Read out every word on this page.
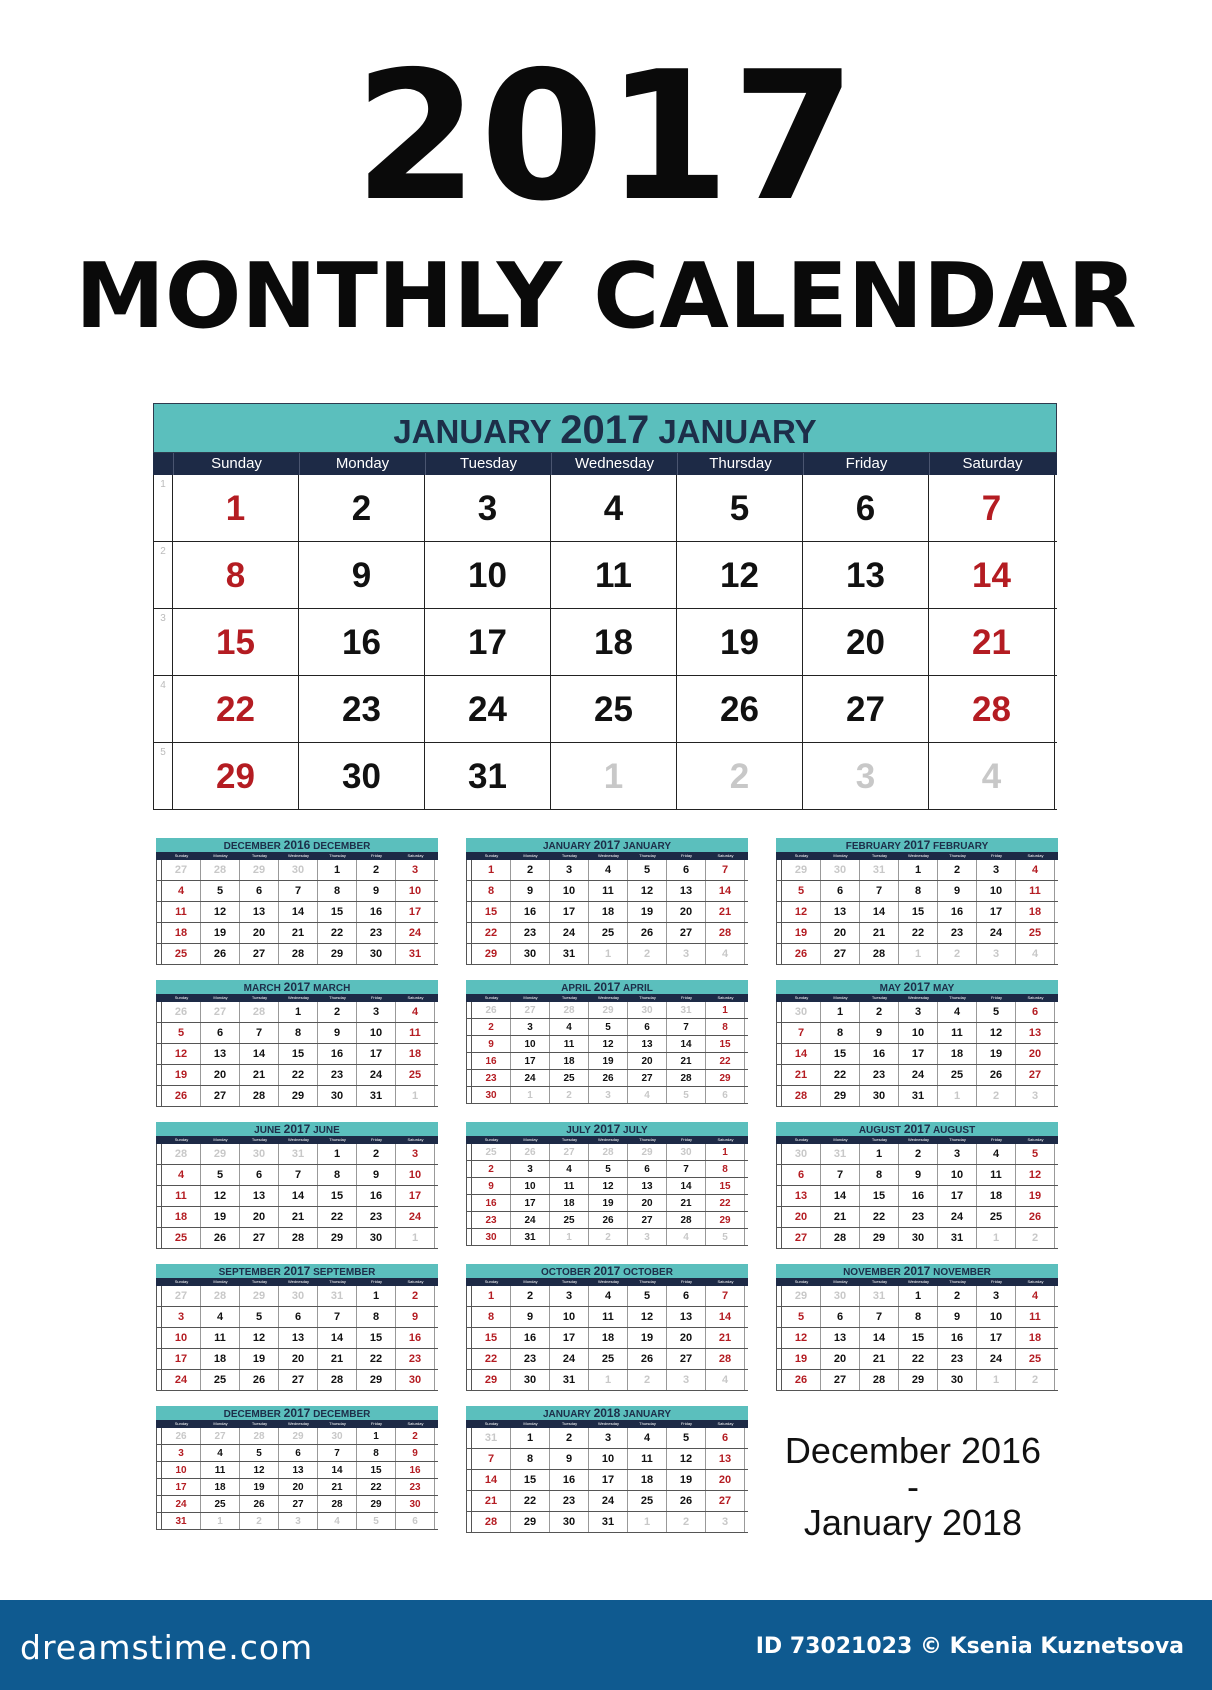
2017
MONTHLY CALENDAR
JANUARY 2017 JANUARY
Sunday	Monday	Tuesday	Wednesday	Thursday	Friday	Saturday
1
1	2	3	4	5	6	7
2
8	9	10	11	12	13	14
3
15	16	17	18	19	20	21
4
22	23	24	25	26	27	28
5
29	30	31	1	2	3	4
DECEMBER 2016 DECEMBER
Sunday	Monday	Tuesday	Wednesday	Thursday	Friday	Saturday
27	28	29	30	1	2	3
4	5	6	7	8	9	10
11	12	13	14	15	16	17
18	19	20	21	22	23	24
25	26	27	28	29	30	31
JANUARY 2017 JANUARY
Sunday	Monday	Tuesday	Wednesday	Thursday	Friday	Saturday
1	2	3	4	5	6	7
8	9	10	11	12	13	14
15	16	17	18	19	20	21
22	23	24	25	26	27	28
29	30	31	1	2	3	4
FEBRUARY 2017 FEBRUARY
Sunday	Monday	Tuesday	Wednesday	Thursday	Friday	Saturday
29	30	31	1	2	3	4
5	6	7	8	9	10	11
12	13	14	15	16	17	18
19	20	21	22	23	24	25
26	27	28	1	2	3	4
MARCH 2017 MARCH
Sunday	Monday	Tuesday	Wednesday	Thursday	Friday	Saturday
26	27	28	1	2	3	4
5	6	7	8	9	10	11
12	13	14	15	16	17	18
19	20	21	22	23	24	25
26	27	28	29	30	31	1
APRIL 2017 APRIL
Sunday	Monday	Tuesday	Wednesday	Thursday	Friday	Saturday
26	27	28	29	30	31	1
2	3	4	5	6	7	8
9	10	11	12	13	14	15
16	17	18	19	20	21	22
23	24	25	26	27	28	29
30	1	2	3	4	5	6
MAY 2017 MAY
Sunday	Monday	Tuesday	Wednesday	Thursday	Friday	Saturday
30	1	2	3	4	5	6
7	8	9	10	11	12	13
14	15	16	17	18	19	20
21	22	23	24	25	26	27
28	29	30	31	1	2	3
JUNE 2017 JUNE
Sunday	Monday	Tuesday	Wednesday	Thursday	Friday	Saturday
28	29	30	31	1	2	3
4	5	6	7	8	9	10
11	12	13	14	15	16	17
18	19	20	21	22	23	24
25	26	27	28	29	30	1
JULY 2017 JULY
Sunday	Monday	Tuesday	Wednesday	Thursday	Friday	Saturday
25	26	27	28	29	30	1
2	3	4	5	6	7	8
9	10	11	12	13	14	15
16	17	18	19	20	21	22
23	24	25	26	27	28	29
30	31	1	2	3	4	5
AUGUST 2017 AUGUST
Sunday	Monday	Tuesday	Wednesday	Thursday	Friday	Saturday
30	31	1	2	3	4	5
6	7	8	9	10	11	12
13	14	15	16	17	18	19
20	21	22	23	24	25	26
27	28	29	30	31	1	2
SEPTEMBER 2017 SEPTEMBER
Sunday	Monday	Tuesday	Wednesday	Thursday	Friday	Saturday
27	28	29	30	31	1	2
3	4	5	6	7	8	9
10	11	12	13	14	15	16
17	18	19	20	21	22	23
24	25	26	27	28	29	30
OCTOBER 2017 OCTOBER
Sunday	Monday	Tuesday	Wednesday	Thursday	Friday	Saturday
1	2	3	4	5	6	7
8	9	10	11	12	13	14
15	16	17	18	19	20	21
22	23	24	25	26	27	28
29	30	31	1	2	3	4
NOVEMBER 2017 NOVEMBER
Sunday	Monday	Tuesday	Wednesday	Thursday	Friday	Saturday
29	30	31	1	2	3	4
5	6	7	8	9	10	11
12	13	14	15	16	17	18
19	20	21	22	23	24	25
26	27	28	29	30	1	2
DECEMBER 2017 DECEMBER
Sunday	Monday	Tuesday	Wednesday	Thursday	Friday	Saturday
26	27	28	29	30	1	2
3	4	5	6	7	8	9
10	11	12	13	14	15	16
17	18	19	20	21	22	23
24	25	26	27	28	29	30
31	1	2	3	4	5	6
JANUARY 2018 JANUARY
Sunday	Monday	Tuesday	Wednesday	Thursday	Friday	Saturday
31	1	2	3	4	5	6
7	8	9	10	11	12	13
14	15	16	17	18	19	20
21	22	23	24	25	26	27
28	29	30	31	1	2	3
December 2016
-
January 2018
dreamstime.com	ID 73021023 © Ksenia Kuznetsova
